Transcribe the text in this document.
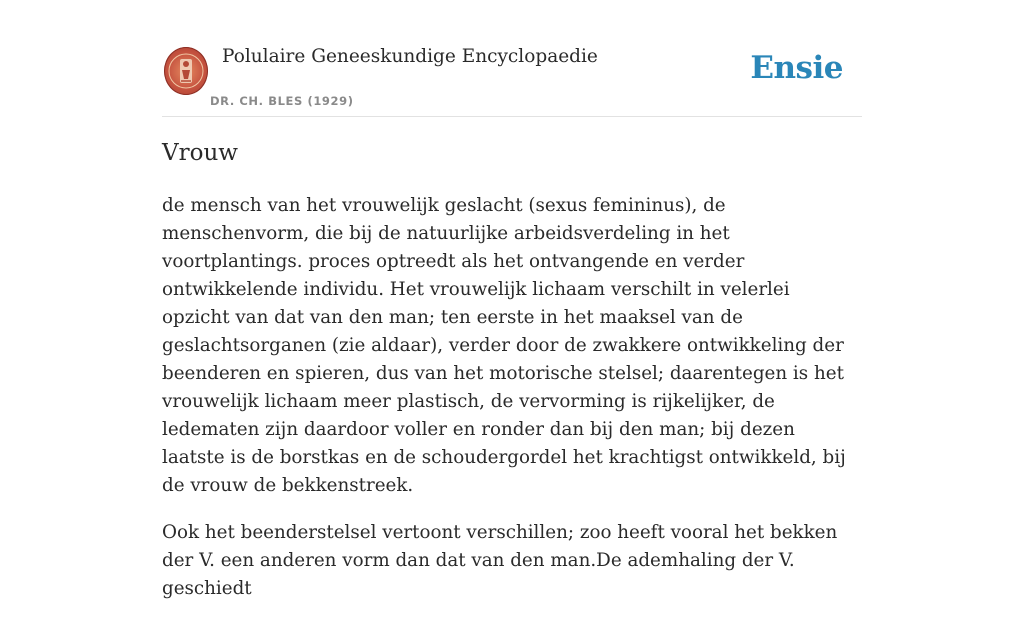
Polulaire Geneeskundige Encyclopaedie
DR. CH. BLES (1929)
Ensie
Vrouw

de mensch van het vrouwelijk geslacht (sexus femininus), de menschenvorm, die bij de natuurlijke arbeidsverdeling in het voortplantings. proces optreedt als het ontvangende en verder ontwikkelende individu. Het vrouwelijk lichaam verschilt in velerlei opzicht van dat van den man; ten eerste in het maaksel van de geslachtsorganen (zie aldaar), verder door de zwakkere ontwikkeling der beenderen en spieren, dus van het motorische stelsel; daarentegen is het vrouwelijk lichaam meer plastisch, de vervorming is rijkelijker, de ledematen zijn daardoor voller en ronder dan bij den man; bij dezen laatste is de borstkas en de schoudergordel het krachtigst ontwikkeld, bij de vrouw de bekkenstreek.

Ook het beenderstelsel vertoont verschillen; zoo heeft vooral het bekken der V. een anderen vorm dan dat van den man.De ademhaling der V. geschiedt
